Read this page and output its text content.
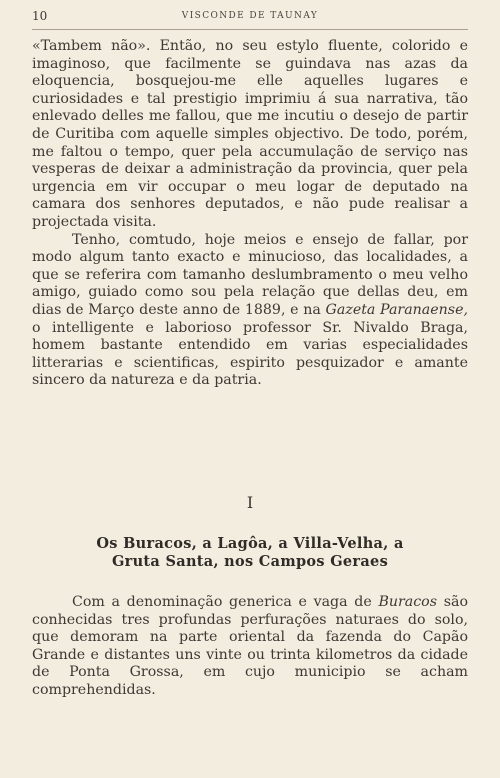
10	VISCONDE DE TAUNAY

«Tambem não». Então, no seu estylo fluente, colorido e imaginoso, que facilmente se guindava nas azas da eloquencia, bosquejou-me elle aquelles lugares e curiosidades e tal prestigio imprimiu á sua narrativa, tão enlevado delles me fallou, que me incutiu o desejo de partir de Curitiba com aquelle simples objectivo. De todo, porém, me faltou o tempo, quer pela accumulação de serviço nas vesperas de deixar a administração da provincia, quer pela urgencia em vir occupar o meu logar de deputado na camara dos senhores deputados, e não pude realisar a projectada visita.

Tenho, comtudo, hoje meios e ensejo de fallar, por modo algum tanto exacto e minucioso, das localidades, a que se referira com tamanho deslumbramento o meu velho amigo, guiado como sou pela relação que dellas deu, em dias de Março deste anno de 1889, e na Gazeta Paranaense, o intelligente e laborioso professor Sr. Nivaldo Braga, homem bastante entendido em varias especialidades litterarias e scientificas, espirito pesquizador e amante sincero da natureza e da patria.

I
Os Buracos, a Lagôa, a Villa-Velha, a
Gruta Santa, nos Campos Geraes

Com a denominação generica e vaga de Buracos são conhecidas tres profundas perfurações naturaes do solo, que demoram na parte oriental da fazenda do Capão Grande e distantes uns vinte ou trinta kilometros da cidade de Ponta Grossa, em cujo municipio se acham comprehendidas.
